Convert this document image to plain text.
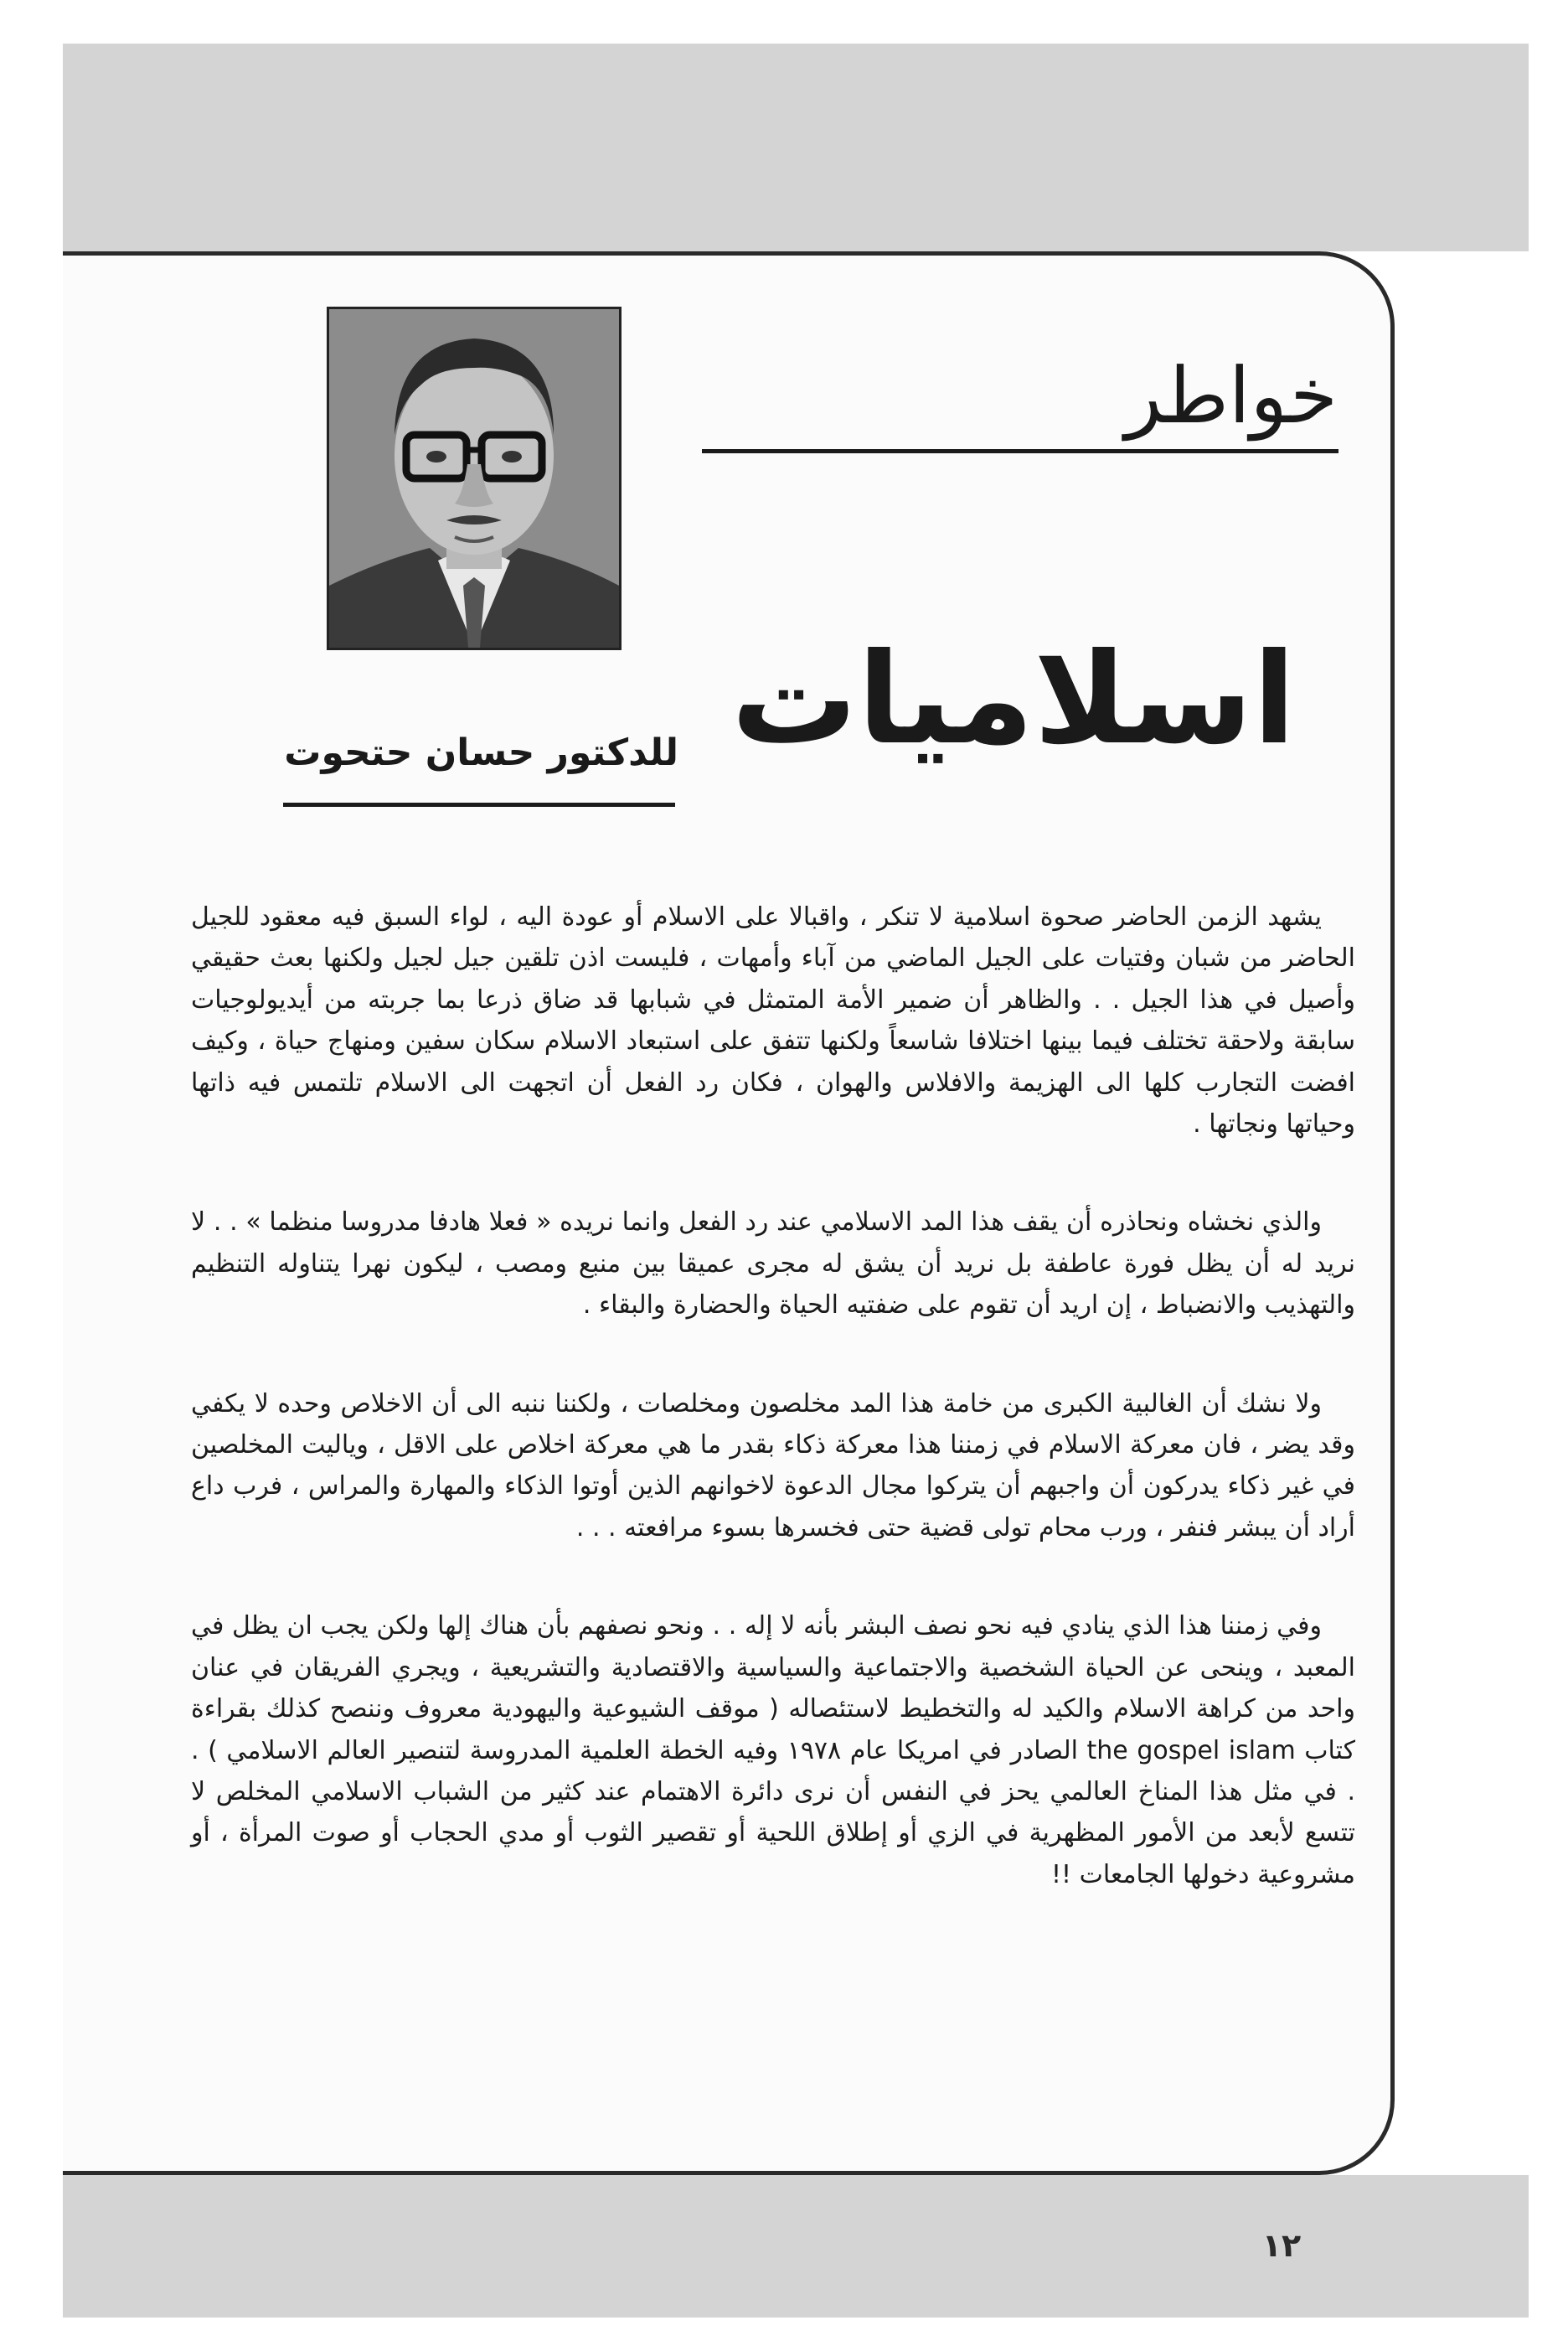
خواطر
اسلاميات
للدكتور حسان حتحوت

يشهد الزمن الحاضر صحوة اسلامية لا تنكر ، واقبالا على الاسلام أو عودة اليه ، لواء السبق فيه معقود للجيل الحاضر من شبان وفتيات على الجيل الماضي من آباء وأمهات ، فليست اذن تلقين جيل لجيل ولكنها بعث حقيقي وأصيل في هذا الجيل . . والظاهر أن ضمير الأمة المتمثل في شبابها قد ضاق ذرعا بما جربته من أيديولوجيات سابقة ولاحقة تختلف فيما بينها اختلافا شاسعاً ولكنها تتفق على استبعاد الاسلام سكان سفين ومنهاج حياة ، وكيف افضت التجارب كلها الى الهزيمة والافلاس والهوان ، فكان رد الفعل أن اتجهت الى الاسلام تلتمس فيه ذاتها وحياتها ونجاتها .

والذي نخشاه ونحاذره أن يقف هذا المد الاسلامي عند رد الفعل وانما نريده « فعلا هادفا مدروسا منظما » . . لا نريد له أن يظل فورة عاطفة بل نريد أن يشق له مجرى عميقا بين منبع ومصب ، ليكون نهرا يتناوله التنظيم والتهذيب والانضباط ، إن اريد أن تقوم على ضفتيه الحياة والحضارة والبقاء .

ولا نشك أن الغالبية الكبرى من خامة هذا المد مخلصون ومخلصات ، ولكننا ننبه الى أن الاخلاص وحده لا يكفي وقد يضر ، فان معركة الاسلام في زمننا هذا معركة ذكاء بقدر ما هي معركة اخلاص على الاقل ، وياليت المخلصين في غير ذكاء يدركون أن واجبهم أن يتركوا مجال الدعوة لاخوانهم الذين أوتوا الذكاء والمهارة والمراس ، فرب داع أراد أن يبشر فنفر ، ورب محام تولى قضية حتى فخسرها بسوء مرافعته . . .

وفي زمننا هذا الذي ينادي فيه نحو نصف البشر بأنه لا إله . . ونحو نصفهم بأن هناك إلها ولكن يجب ان يظل في المعبد ، وينحى عن الحياة الشخصية والاجتماعية والسياسية والاقتصادية والتشريعية ، ويجري الفريقان في عنان واحد من كراهة الاسلام والكيد له والتخطيط لاستئصاله ( موقف الشيوعية واليهودية معروف وننصح كذلك بقراءة كتاب the gospel islam الصادر في امريكا عام ١٩٧٨ وفيه الخطة العلمية المدروسة لتنصير العالم الاسلامي ) . . في مثل هذا المناخ العالمي يحز في النفس أن نرى دائرة الاهتمام عند كثير من الشباب الاسلامي المخلص لا تتسع لأبعد من الأمور المظهرية في الزي أو إطلاق اللحية أو تقصير الثوب أو مدي الحجاب أو صوت المرأة ، أو مشروعية دخولها الجامعات !!

١٢
